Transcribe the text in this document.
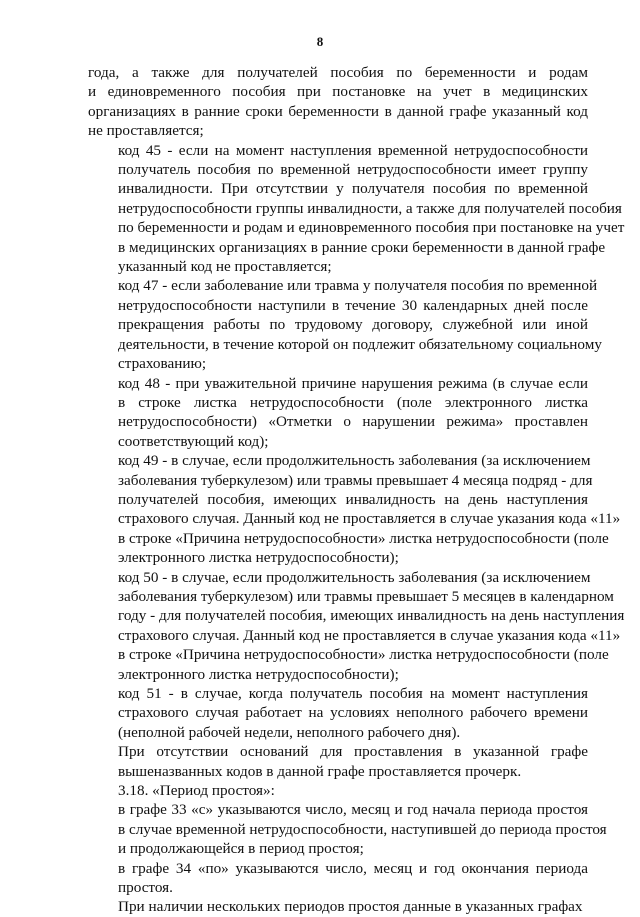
8
года, а также для получателей пособия по беременности и родам
и единовременного пособия при постановке на учет в медицинских
организациях в ранние сроки беременности в данной графе указанный код
не проставляется;
код 45 - если на момент наступления временной нетрудоспособности
получатель пособия по временной нетрудоспособности имеет группу
инвалидности. При отсутствии у получателя пособия по временной
нетрудоспособности группы инвалидности, а также для получателей пособия
по беременности и родам и единовременного пособия при постановке на учет
в медицинских организациях в ранние сроки беременности в данной графе
указанный код не проставляется;
код 47 - если заболевание или травма у получателя пособия по временной
нетрудоспособности наступили в течение 30 календарных дней после
прекращения работы по трудовому договору, служебной или иной
деятельности, в течение которой он подлежит обязательному социальному
страхованию;
код 48 - при уважительной причине нарушения режима (в случае если
в строке листка нетрудоспособности (поле электронного листка
нетрудоспособности) «Отметки о нарушении режима» проставлен
соответствующий код);
код 49 - в случае, если продолжительность заболевания (за исключением
заболевания туберкулезом) или травмы превышает 4 месяца подряд - для
получателей пособия, имеющих инвалидность на день наступления
страхового случая. Данный код не проставляется в случае указания кода «11»
в строке «Причина нетрудоспособности» листка нетрудоспособности (поле
электронного листка нетрудоспособности);
код 50 - в случае, если продолжительность заболевания (за исключением
заболевания туберкулезом) или травмы превышает 5 месяцев в календарном
году - для получателей пособия, имеющих инвалидность на день наступления
страхового случая. Данный код не проставляется в случае указания кода «11»
в строке «Причина нетрудоспособности» листка нетрудоспособности (поле
электронного листка нетрудоспособности);
код 51 - в случае, когда получатель пособия на момент наступления
страхового случая работает на условиях неполного рабочего времени
(неполной рабочей недели, неполного рабочего дня).
При отсутствии оснований для проставления в указанной графе
вышеназванных кодов в данной графе проставляется прочерк.
3.18. «Период простоя»:
в графе 33 «с» указываются число, месяц и год начала периода простоя
в случае временной нетрудоспособности, наступившей до периода простоя
и продолжающейся в период простоя;
в графе 34 «по» указываются число, месяц и год окончания периода
простоя.
При наличии нескольких периодов простоя данные в указанных графах
